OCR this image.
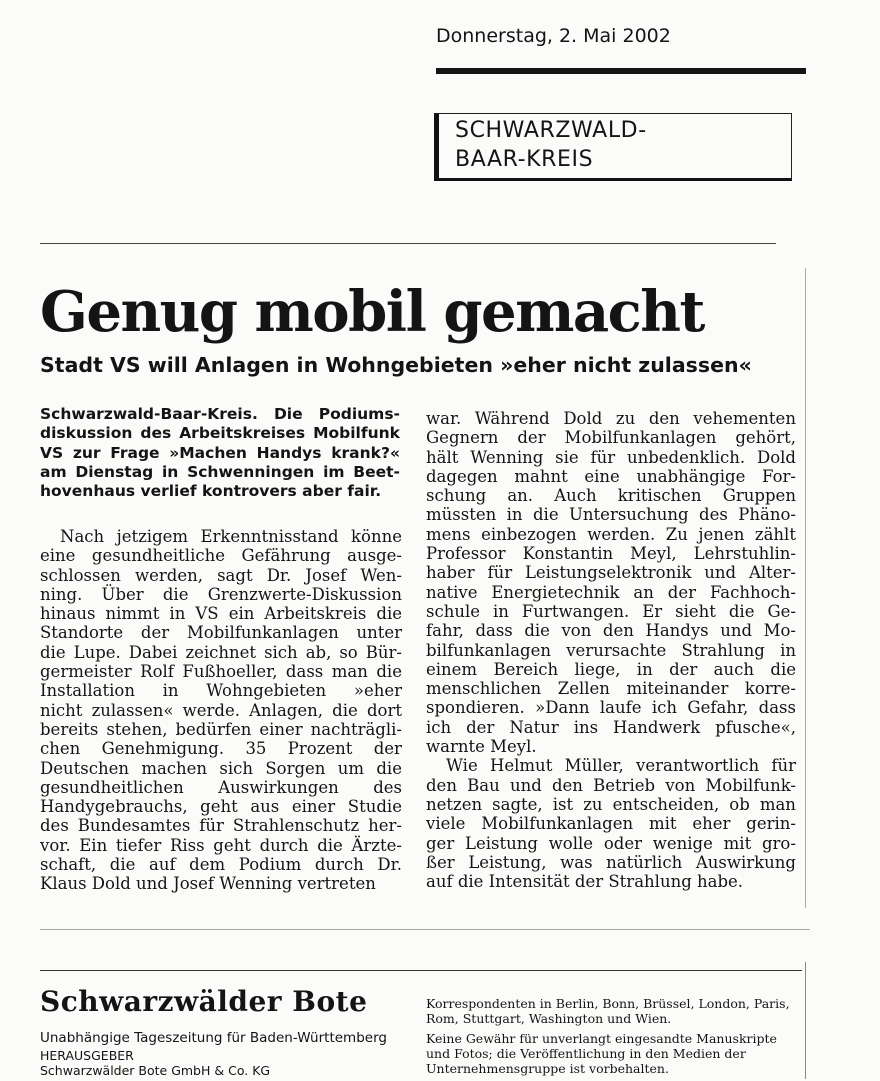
Donnerstag, 2. Mai 2002
SCHWARZWALD-
BAAR-KREIS
Genug mobil gemacht
Stadt VS will Anlagen in Wohngebieten »eher nicht zulassen«
Schwarzwald-Baar-Kreis. Die Podiums-
diskussion des Arbeitskreises Mobilfunk
VS zur Frage »Machen Handys krank?«
am Dienstag in Schwenningen im Beet-
hovenhaus verlief kontrovers aber fair.
Nach jetzigem Erkenntnisstand könne
eine gesundheitliche Gefährung ausge-
schlossen werden, sagt Dr. Josef Wen-
ning. Über die Grenzwerte-Diskussion
hinaus nimmt in VS ein Arbeitskreis die
Standorte der Mobilfunkanlagen unter
die Lupe. Dabei zeichnet sich ab, so Bür-
germeister Rolf Fußhoeller, dass man die
Installation in Wohngebieten »eher
nicht zulassen« werde. Anlagen, die dort
bereits stehen, bedürfen einer nachträgli-
chen Genehmigung. 35 Prozent der
Deutschen machen sich Sorgen um die
gesundheitlichen Auswirkungen des
Handygebrauchs, geht aus einer Studie
des Bundesamtes für Strahlenschutz her-
vor. Ein tiefer Riss geht durch die Ärzte-
schaft, die auf dem Podium durch Dr.
Klaus Dold und Josef Wenning vertreten
war. Während Dold zu den vehementen
Gegnern der Mobilfunkanlagen gehört,
hält Wenning sie für unbedenklich. Dold
dagegen mahnt eine unabhängige For-
schung an. Auch kritischen Gruppen
müssten in die Untersuchung des Phäno-
mens einbezogen werden. Zu jenen zählt
Professor Konstantin Meyl, Lehrstuhlin-
haber für Leistungselektronik und Alter-
native Energietechnik an der Fachhoch-
schule in Furtwangen. Er sieht die Ge-
fahr, dass die von den Handys und Mo-
bilfunkanlagen verursachte Strahlung in
einem Bereich liege, in der auch die
menschlichen Zellen miteinander korre-
spondieren. »Dann laufe ich Gefahr, dass
ich der Natur ins Handwerk pfusche«,
warnte Meyl.
Wie Helmut Müller, verantwortlich für
den Bau und den Betrieb von Mobilfunk-
netzen sagte, ist zu entscheiden, ob man
viele Mobilfunkanlagen mit eher gerin-
ger Leistung wolle oder wenige mit gro-
ßer Leistung, was natürlich Auswirkung
auf die Intensität der Strahlung habe.
Schwarzwälder Bote
Unabhängige Tageszeitung für Baden-Württemberg
HERAUSGEBER
Schwarzwälder Bote GmbH & Co. KG

Korrespondenten in Berlin, Bonn, Brüssel, London, Paris, Rom, Stuttgart, Washington und Wien.

Keine Gewähr für unverlangt eingesandte Manuskripte und Fotos; die Veröffentlichung in den Medien der Unternehmensgruppe ist vorbehalten.
